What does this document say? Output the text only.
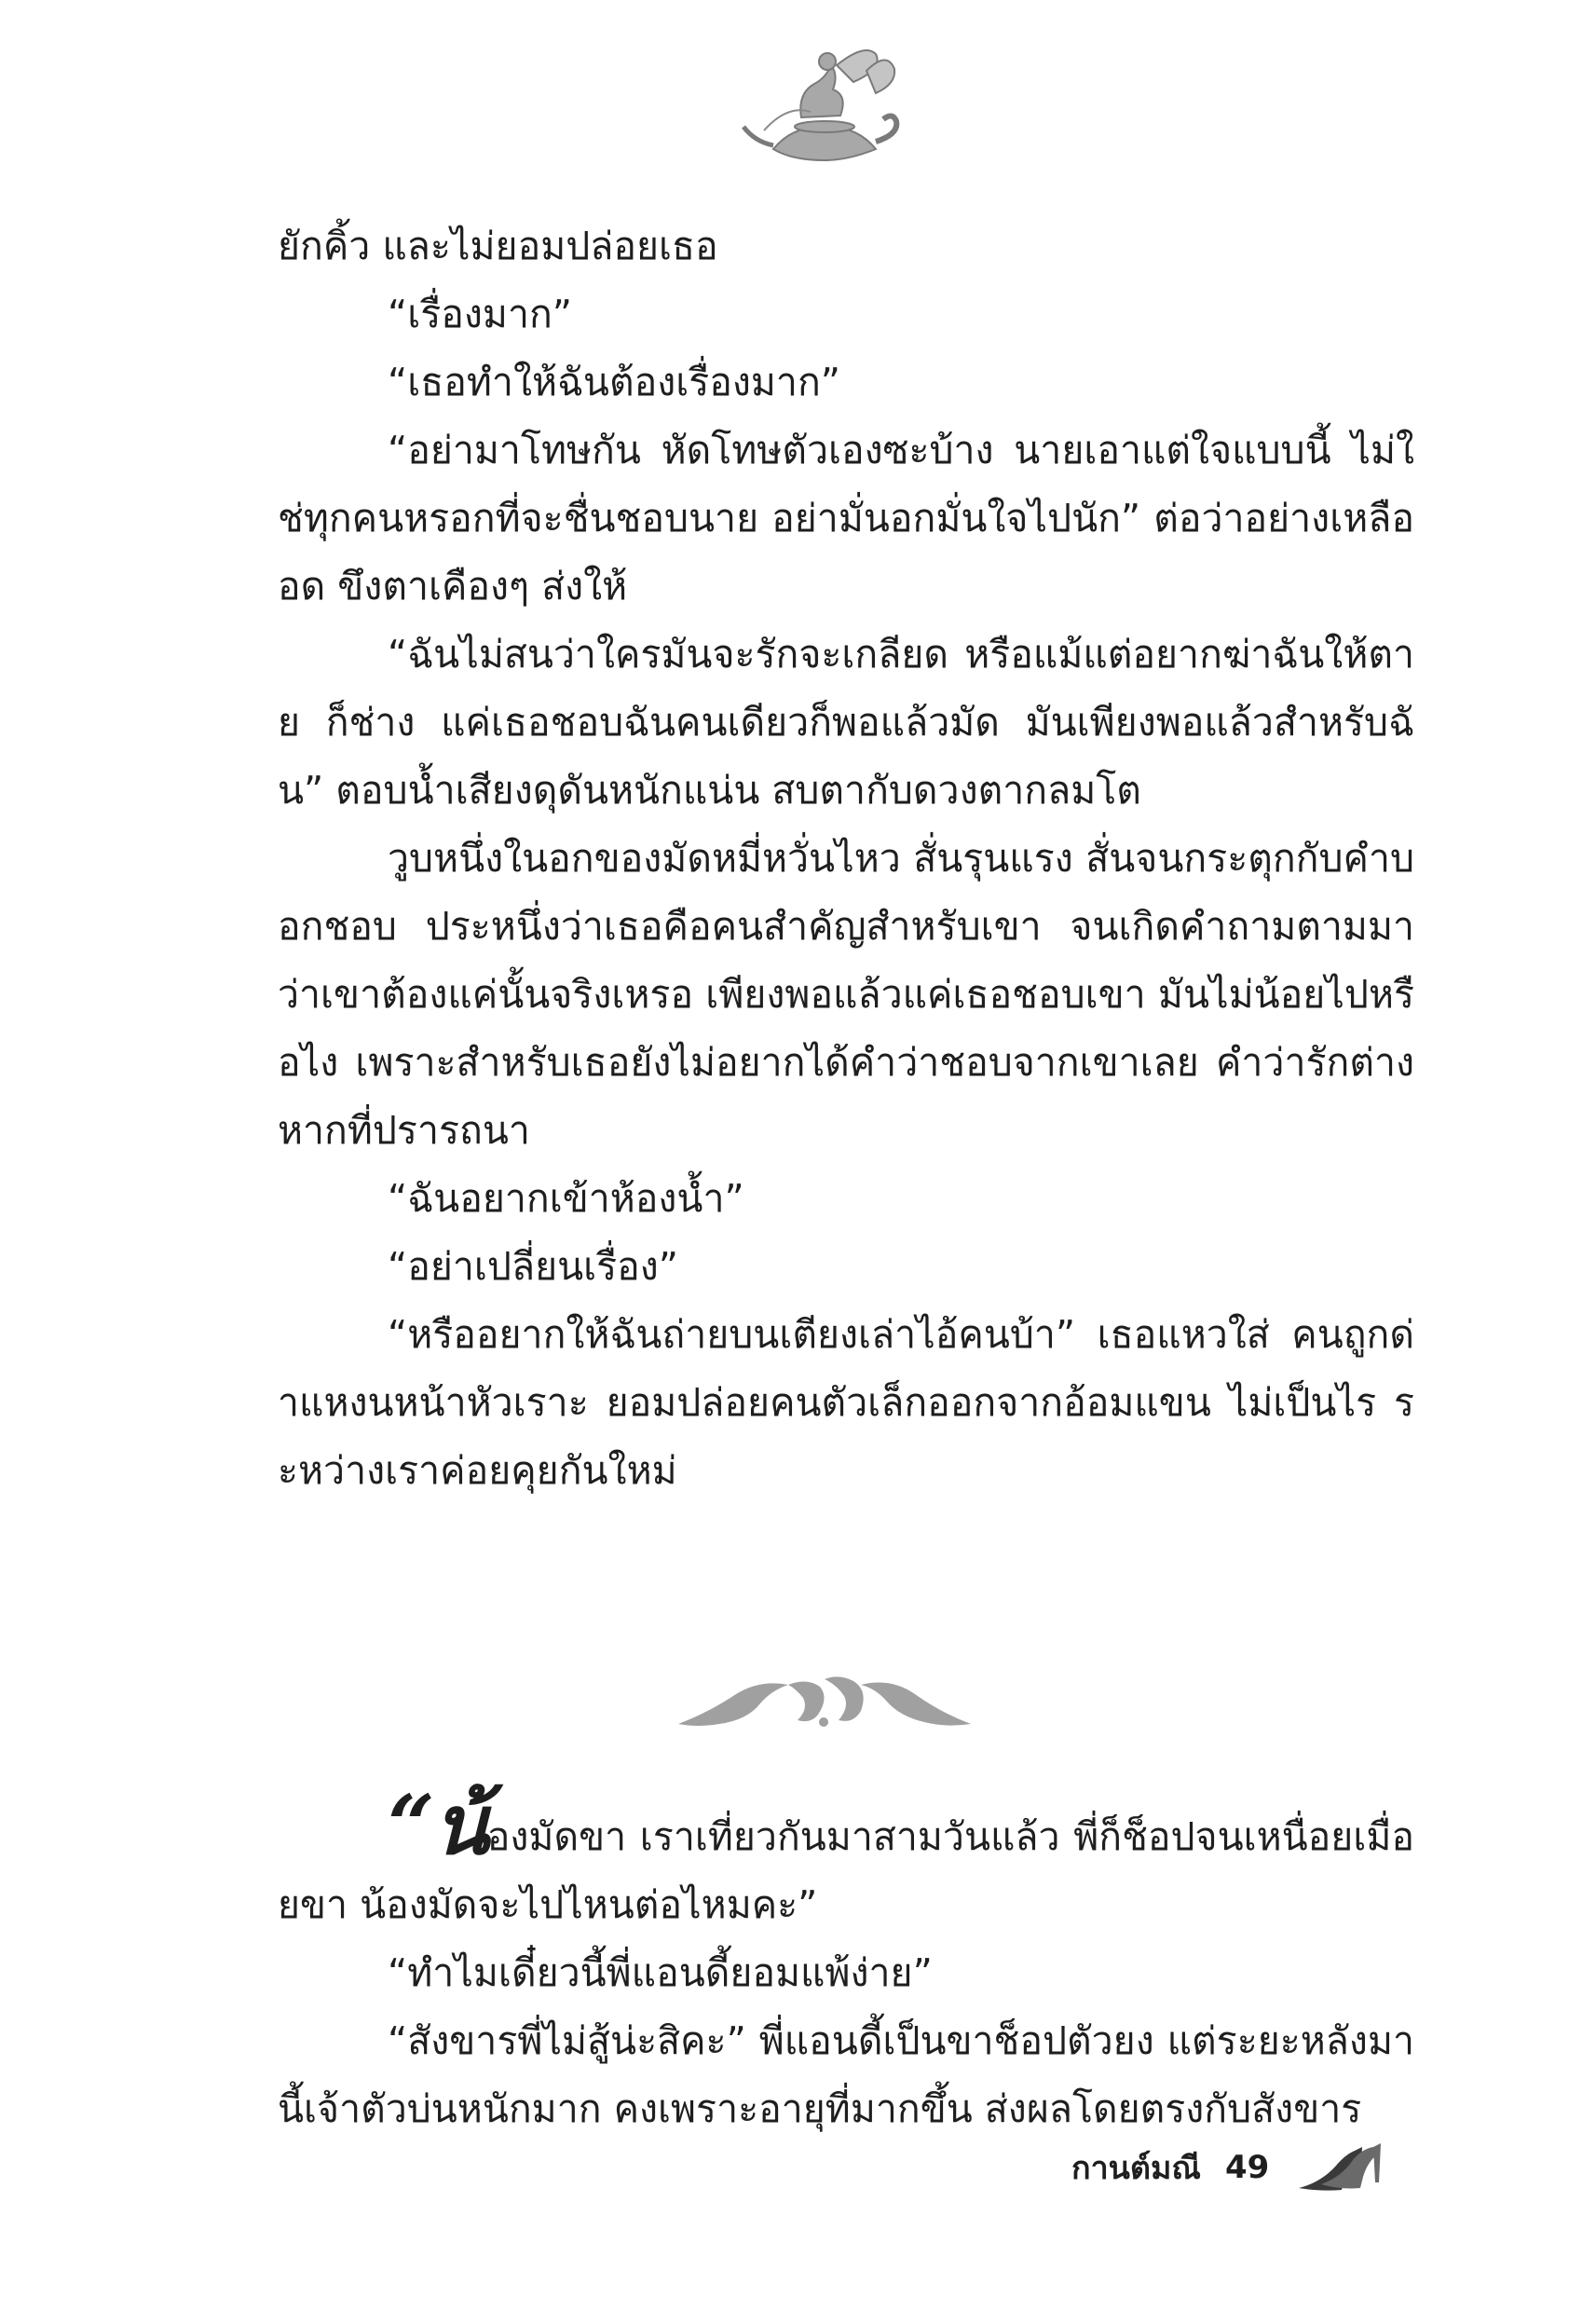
ยักคิ้ว และไม่ยอมปล่อยเธอ

“เรื่องมาก”

“เธอทำให้ฉันต้องเรื่องมาก”

“อย่ามาโทษกัน หัดโทษตัวเองซะบ้าง นายเอาแต่ใจแบบนี้ ไม่ใช่ทุกคนหรอกที่จะชื่นชอบนาย อย่ามั่นอกมั่นใจไปนัก” ต่อว่าอย่างเหลืออด ขึงตาเคืองๆ ส่งให้

“ฉันไม่สนว่าใครมันจะรักจะเกลียด หรือแม้แต่อยากฆ่าฉันให้ตาย ก็ช่าง แค่เธอชอบฉันคนเดียวก็พอแล้วมัด มันเพียงพอแล้วสำหรับฉัน” ตอบน้ำเสียงดุดันหนักแน่น สบตากับดวงตากลมโต

วูบหนึ่งในอกของมัดหมี่หวั่นไหว สั่นรุนแรง สั่นจนกระตุกกับคำบอกชอบ ประหนึ่งว่าเธอคือคนสำคัญสำหรับเขา จนเกิดคำถามตามมา ว่าเขาต้องแค่นั้นจริงเหรอ เพียงพอแล้วแค่เธอชอบเขา มันไม่น้อยไปหรือไง เพราะสำหรับเธอยังไม่อยากได้คำว่าชอบจากเขาเลย คำว่ารักต่างหากที่ปรารถนา

“ฉันอยากเข้าห้องน้ำ”

“อย่าเปลี่ยนเรื่อง”

“หรืออยากให้ฉันถ่ายบนเตียงเล่าไอ้คนบ้า” เธอแหวใส่ คนถูกด่าแหงนหน้าหัวเราะ ยอมปล่อยคนตัวเล็กออกจากอ้อมแขน ไม่เป็นไร ระหว่างเราค่อยคุยกันใหม่

“น้องมัดขา เราเที่ยวกันมาสามวันแล้ว พี่ก็ช็อปจนเหนื่อยเมื่อยขา น้องมัดจะไปไหนต่อไหมคะ”

“ทำไมเดี๋ยวนี้พี่แอนดี้ยอมแพ้ง่าย”

“สังขารพี่ไม่สู้น่ะสิคะ” พี่แอนดี้เป็นขาช็อปตัวยง แต่ระยะหลังมานี้เจ้าตัวบ่นหนักมาก คงเพราะอายุที่มากขึ้น ส่งผลโดยตรงกับสังขาร

กานต์มณี 49
